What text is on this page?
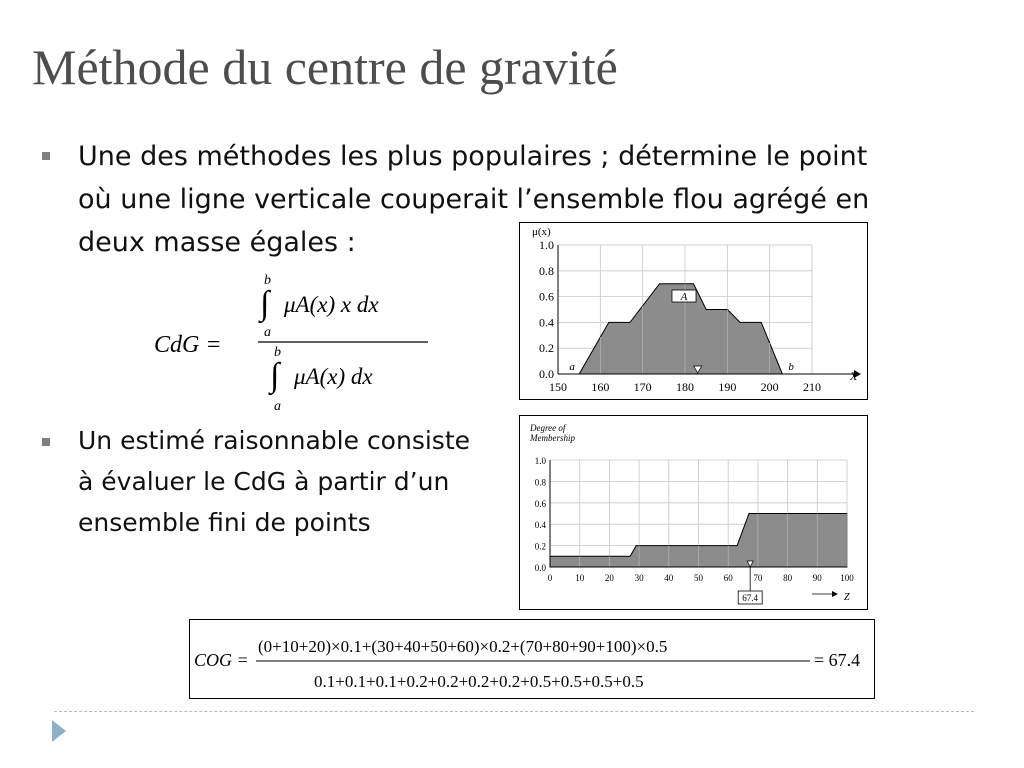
Méthode du centre de gravité
Une des méthodes les plus populaires ; détermine le point
où une ligne verticale couperait l’ensemble flou agrégé en
deux masse égales :
CdG =
b
∫
a
μA(x) x dx
b
∫
a
μA(x) dx	150 160 170 180 190 200 210
0.0
0.2
0.4
0.6
0.8
1.0
X
μ(x)
A
a	b
Un estimé raisonnable consiste
à évaluer le CdG à partir d’un
ensemble fini de points
0	10 20 30 40 50 60 70 80 90 100
0.0
0.2
0.4
0.6
0.8
1.0
Degree of
Membership
67.4	Z
COG =
(0+10+20)×0.1+(30+40+50+60)×0.2+(70+80+90+100)×0.5
0.1+0.1+0.1+0.2+0.2+0.2+0.2+0.5+0.5+0.5+0.5
= 67.4
